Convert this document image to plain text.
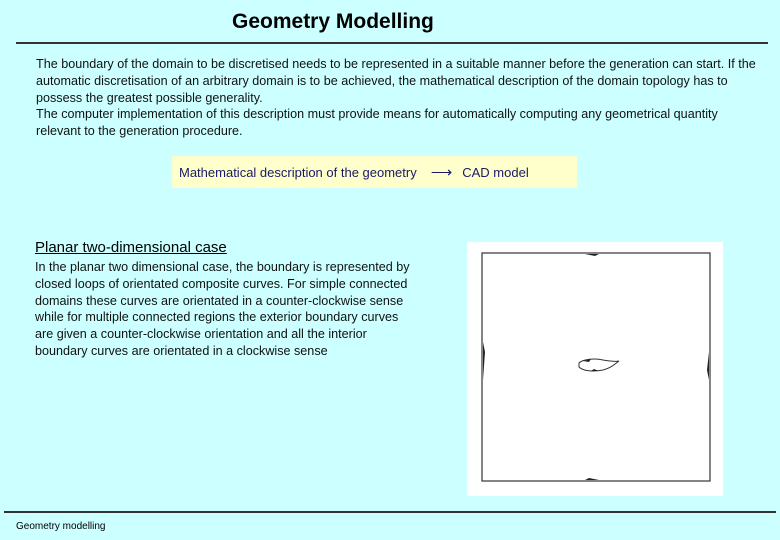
Geometry Modelling

The boundary of the domain to be discretised needs to be represented in a suitable manner before the generation can start. If the automatic discretisation of an arbitrary domain is to be achieved, the mathematical description of the domain topology has to possess the greatest possible generality.

The computer implementation of this description must provide means for automatically computing any geometrical quantity relevant to the generation procedure.

Mathematical description of the geometry ⟶ CAD model
Planar two-dimensional case
In the planar two dimensional case, the boundary is represented by closed loops of orientated composite curves. For simple connected domains these curves are orientated in a counter-clockwise sense while for multiple connected regions the exterior boundary curves are given a counter-clockwise orientation and all the interior boundary curves are orientated in a clockwise sense
Geometry modelling
